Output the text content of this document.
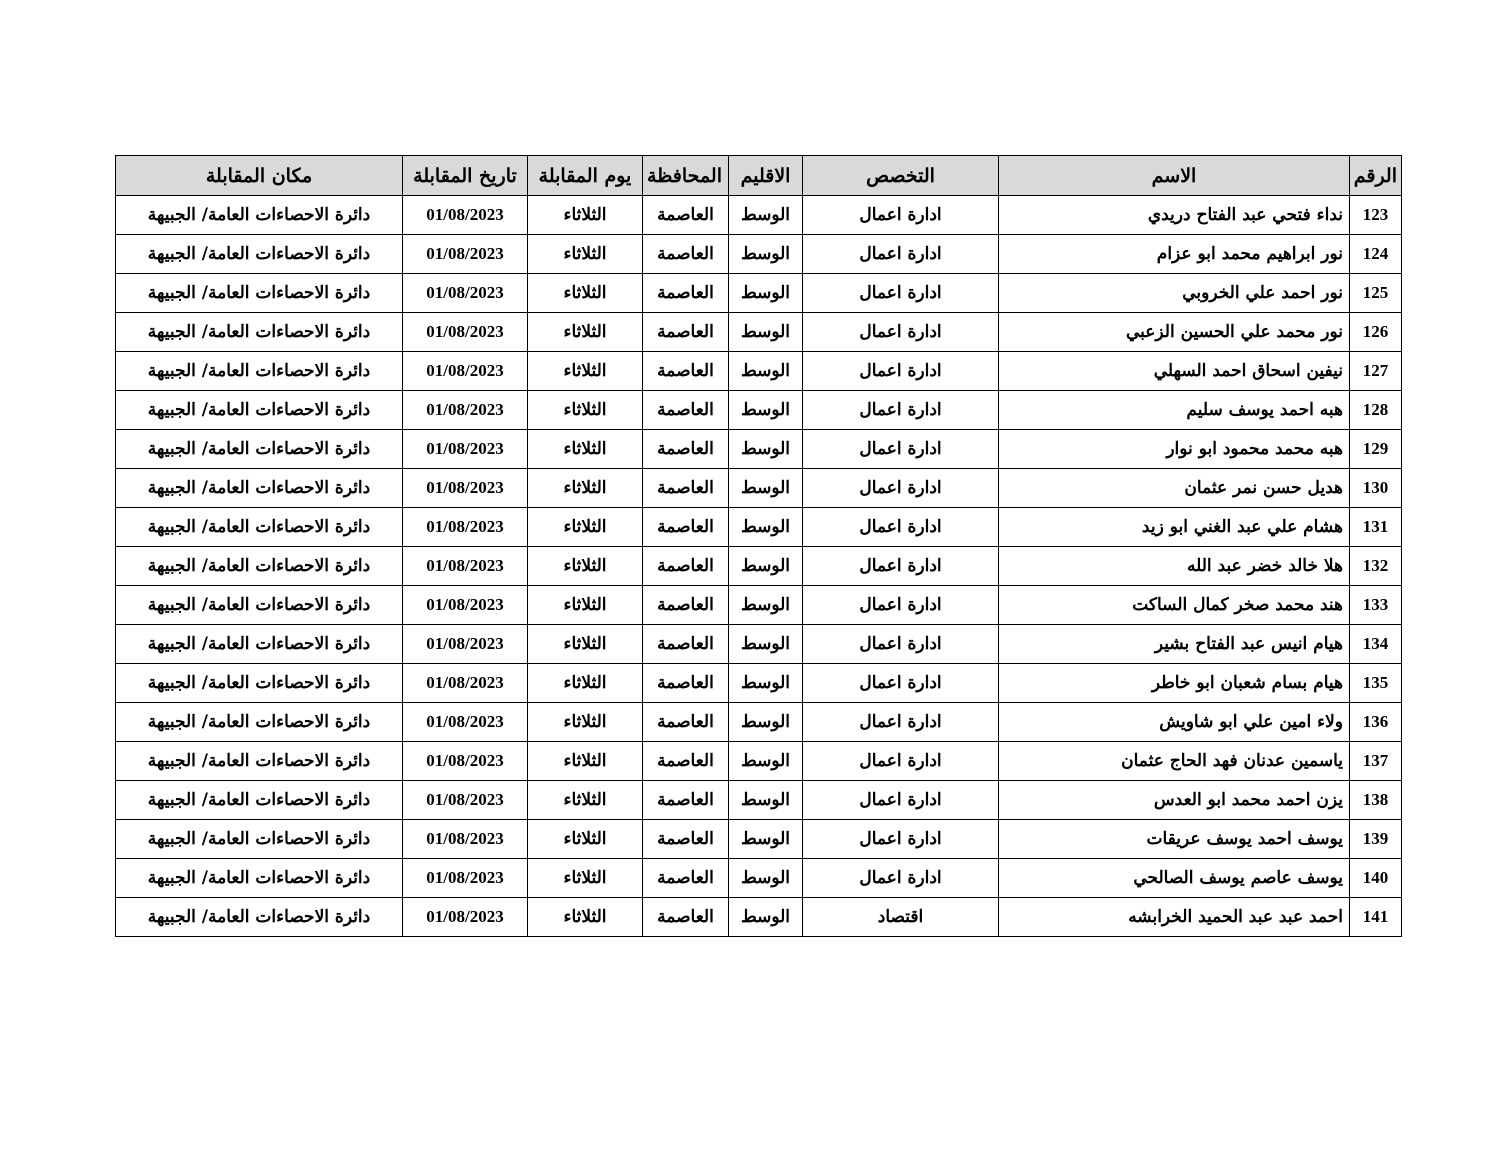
الرقم	الاسم	التخصص	الاقليم	المحافظة	يوم المقابلة	تاريخ المقابلة	مكان المقابلة
123	نداء فتحي عبد الفتاح دريدي	ادارة اعمال	الوسط	العاصمة	الثلاثاء	01/08/2023	دائرة الاحصاءات العامة/ الجبيهة
124	نور ابراهيم محمد ابو عزام	ادارة اعمال	الوسط	العاصمة	الثلاثاء	01/08/2023	دائرة الاحصاءات العامة/ الجبيهة
125	نور احمد علي الخروبي	ادارة اعمال	الوسط	العاصمة	الثلاثاء	01/08/2023	دائرة الاحصاءات العامة/ الجبيهة
126	نور محمد علي الحسين الزعبي	ادارة اعمال	الوسط	العاصمة	الثلاثاء	01/08/2023	دائرة الاحصاءات العامة/ الجبيهة
127	نيفين اسحاق احمد السهلي	ادارة اعمال	الوسط	العاصمة	الثلاثاء	01/08/2023	دائرة الاحصاءات العامة/ الجبيهة
128	هبه احمد يوسف سليم	ادارة اعمال	الوسط	العاصمة	الثلاثاء	01/08/2023	دائرة الاحصاءات العامة/ الجبيهة
129	هبه محمد محمود ابو نوار	ادارة اعمال	الوسط	العاصمة	الثلاثاء	01/08/2023	دائرة الاحصاءات العامة/ الجبيهة
130	هديل حسن نمر عثمان	ادارة اعمال	الوسط	العاصمة	الثلاثاء	01/08/2023	دائرة الاحصاءات العامة/ الجبيهة
131	هشام علي عبد الغني ابو زيد	ادارة اعمال	الوسط	العاصمة	الثلاثاء	01/08/2023	دائرة الاحصاءات العامة/ الجبيهة
132	هلا خالد خضر عبد الله	ادارة اعمال	الوسط	العاصمة	الثلاثاء	01/08/2023	دائرة الاحصاءات العامة/ الجبيهة
133	هند محمد صخر كمال الساكت	ادارة اعمال	الوسط	العاصمة	الثلاثاء	01/08/2023	دائرة الاحصاءات العامة/ الجبيهة
134	هيام انيس عبد الفتاح بشير	ادارة اعمال	الوسط	العاصمة	الثلاثاء	01/08/2023	دائرة الاحصاءات العامة/ الجبيهة
135	هيام بسام شعبان ابو خاطر	ادارة اعمال	الوسط	العاصمة	الثلاثاء	01/08/2023	دائرة الاحصاءات العامة/ الجبيهة
136	ولاء امين علي ابو شاويش	ادارة اعمال	الوسط	العاصمة	الثلاثاء	01/08/2023	دائرة الاحصاءات العامة/ الجبيهة
137	ياسمين عدنان فهد الحاج عثمان	ادارة اعمال	الوسط	العاصمة	الثلاثاء	01/08/2023	دائرة الاحصاءات العامة/ الجبيهة
138	يزن احمد محمد ابو العدس	ادارة اعمال	الوسط	العاصمة	الثلاثاء	01/08/2023	دائرة الاحصاءات العامة/ الجبيهة
139	يوسف احمد يوسف عريقات	ادارة اعمال	الوسط	العاصمة	الثلاثاء	01/08/2023	دائرة الاحصاءات العامة/ الجبيهة
140	يوسف عاصم يوسف الصالحي	ادارة اعمال	الوسط	العاصمة	الثلاثاء	01/08/2023	دائرة الاحصاءات العامة/ الجبيهة
141	احمد عبد عبد الحميد الخرابشه	اقتصاد	الوسط	العاصمة	الثلاثاء	01/08/2023	دائرة الاحصاءات العامة/ الجبيهة
